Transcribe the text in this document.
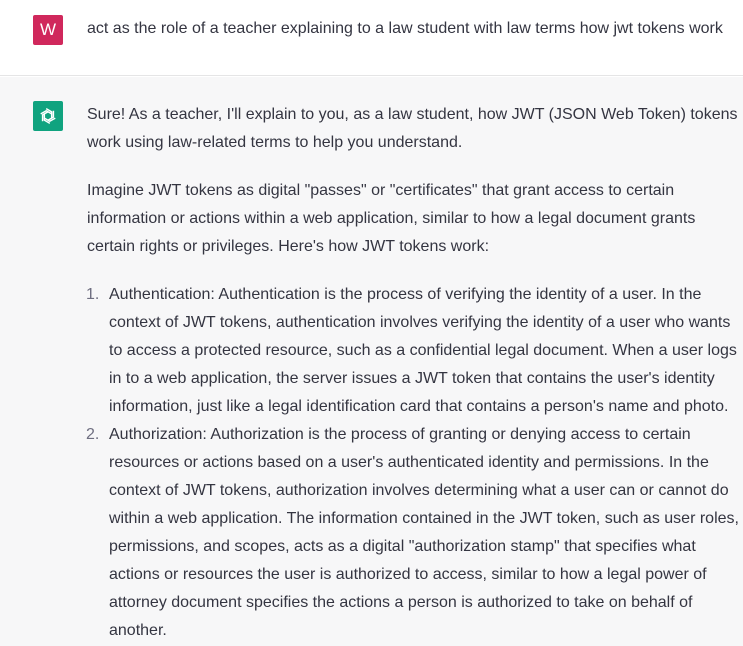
W	act as the role of a teacher explaining to a law student with law terms how jwt tokens work

Sure! As a teacher, I'll explain to you, as a law student, how JWT (JSON Web Token) tokens work using law-related terms to help you understand.

Imagine JWT tokens as digital "passes" or "certificates" that grant access to certain information or actions within a web application, similar to how a legal document grants certain rights or privileges. Here's how JWT tokens work:

1. Authentication: Authentication is the process of verifying the identity of a user. In the context of JWT tokens, authentication involves verifying the identity of a user who wants to access a protected resource, such as a confidential legal document. When a user logs in to a web application, the server issues a JWT token that contains the user's identity information, just like a legal identification card that contains a person's name and photo.
2. Authorization: Authorization is the process of granting or denying access to certain resources or actions based on a user's authenticated identity and permissions. In the context of JWT tokens, authorization involves determining what a user can or cannot do within a web application. The information contained in the JWT token, such as user roles, permissions, and scopes, acts as a digital "authorization stamp" that specifies what actions or resources the user is authorized to access, similar to how a legal power of attorney document specifies the actions a person is authorized to take on behalf of another.
